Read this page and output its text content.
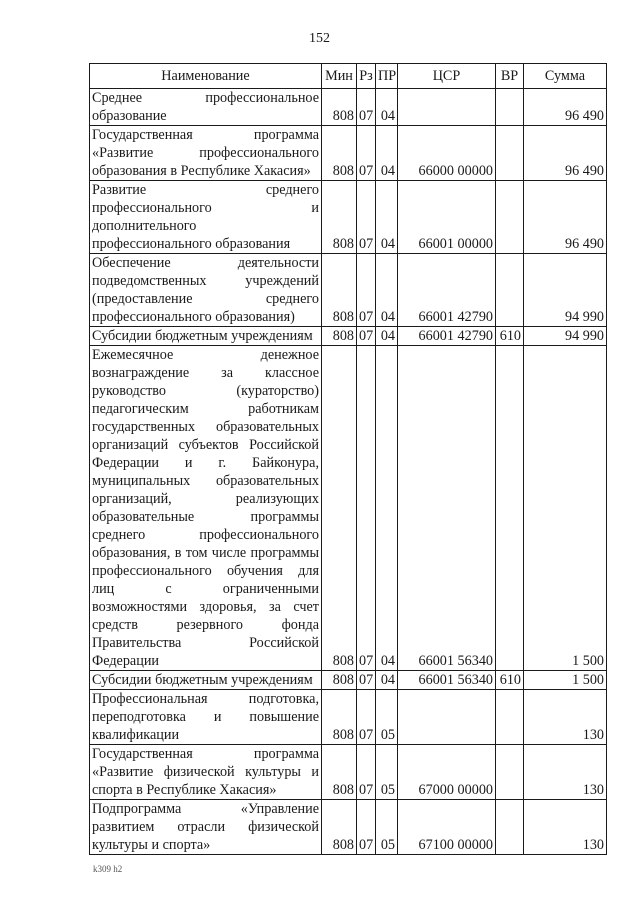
152
Наименование	Мин	Рз	ПР	ЦСР	ВР	Сумма
Среднее профессиональное образование	808	07	04			96 490
Государственная программа «Развитие профессионального образования в Республике Хакасия»	808	07	04	66000 00000		96 490
Развитие среднего профессионального и дополнительного профессионального образования	808	07	04	66001 00000		96 490
Обеспечение деятельности подведомственных учреждений (предоставление среднего профессионального образования)	808	07	04	66001 42790		94 990
Субсидии бюджетным учреждениям	808	07	04	66001 42790	610	94 990
Ежемесячное денежное вознаграждение за классное руководство (кураторство) педагогическим работникам государственных образовательных организаций субъектов Российской Федерации и г. Байконура, муниципальных образовательных организаций, реализующих образовательные программы среднего профессионального образования, в том числе программы профессионального обучения для лиц с ограниченными возможностями здоровья, за счет средств резервного фонда Правительства Российской Федерации	808	07	04	66001 56340		1 500
Субсидии бюджетным учреждениям	808	07	04	66001 56340	610	1 500
Профессиональная подготовка, переподготовка и повышение квалификации	808	07	05			130
Государственная программа «Развитие физической культуры и спорта в Республике Хакасия»	808	07	05	67000 00000		130
Подпрограмма «Управление развитием отрасли физической культуры и спорта»	808	07	05	67100 00000		130
k309 h2
